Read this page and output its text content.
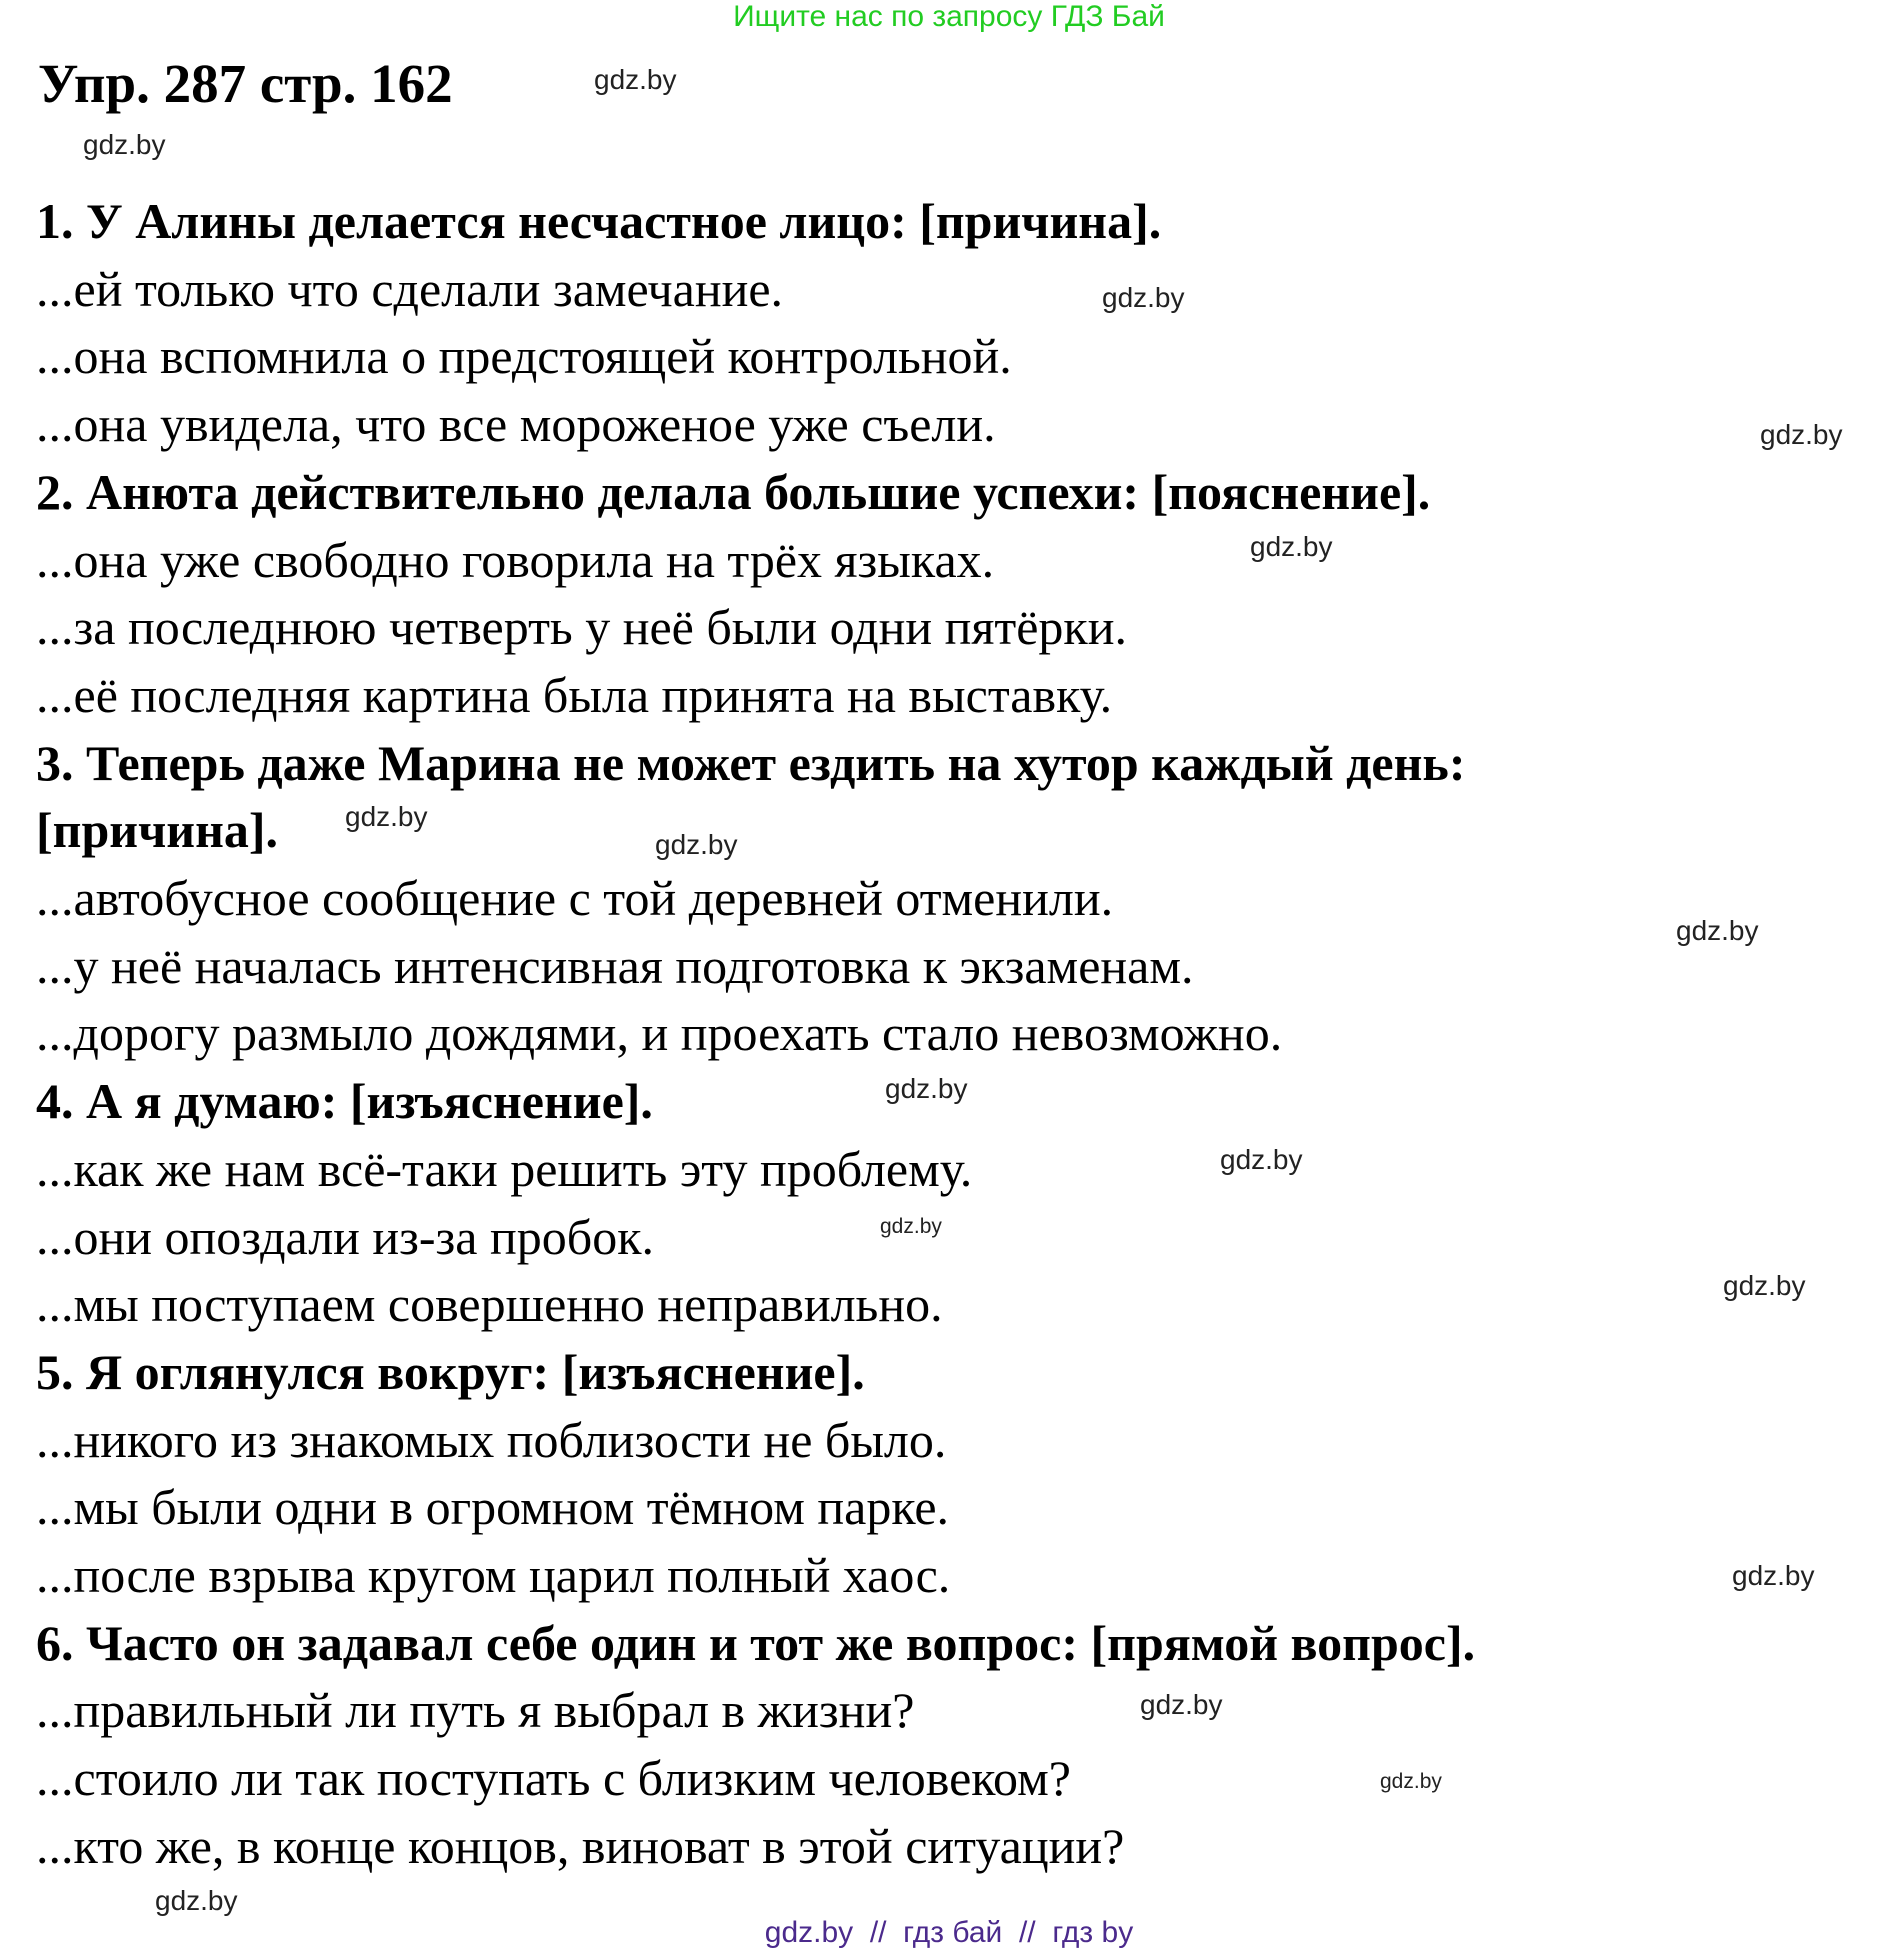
Ищите нас по запросу ГДЗ Бай
Упр. 287 стр. 162
1. У Алины делается несчастное лицо: [причина].
...ей только что сделали замечание.
...она вспомнила о предстоящей контрольной.
...она увидела, что все мороженое уже съели.
2. Анюта действительно делала большие успехи: [пояснение].
...она уже свободно говорила на трёх языках.
...за последнюю четверть у неё были одни пятёрки.
...её последняя картина была принята на выставку.
3. Теперь даже Марина не может ездить на хутор каждый день:
[причина].
...автобусное сообщение с той деревней отменили.
...у неё началась интенсивная подготовка к экзаменам.
...дорогу размыло дождями, и проехать стало невозможно.
4. А я думаю: [изъяснение].
...как же нам всё-таки решить эту проблему.
...они опоздали из-за пробок.
...мы поступаем совершенно неправильно.
5. Я оглянулся вокруг: [изъяснение].
...никого из знакомых поблизости не было.
...мы были одни в огромном тёмном парке.
...после взрыва кругом царил полный хаос.
6. Часто он задавал себе один и тот же вопрос: [прямой вопрос].
...правильный ли путь я выбрал в жизни?
...стоило ли так поступать с близким человеком?
...кто же, в конце концов, виноват в этой ситуации?
gdz.by
gdz.by
gdz.by
gdz.by
gdz.by
gdz.by
gdz.by
gdz.by
gdz.by
gdz.by
gdz.by
gdz.by
gdz.by
gdz.by
gdz.by
gdz.by
gdz.by  //  гдз бай  //  гдз by
